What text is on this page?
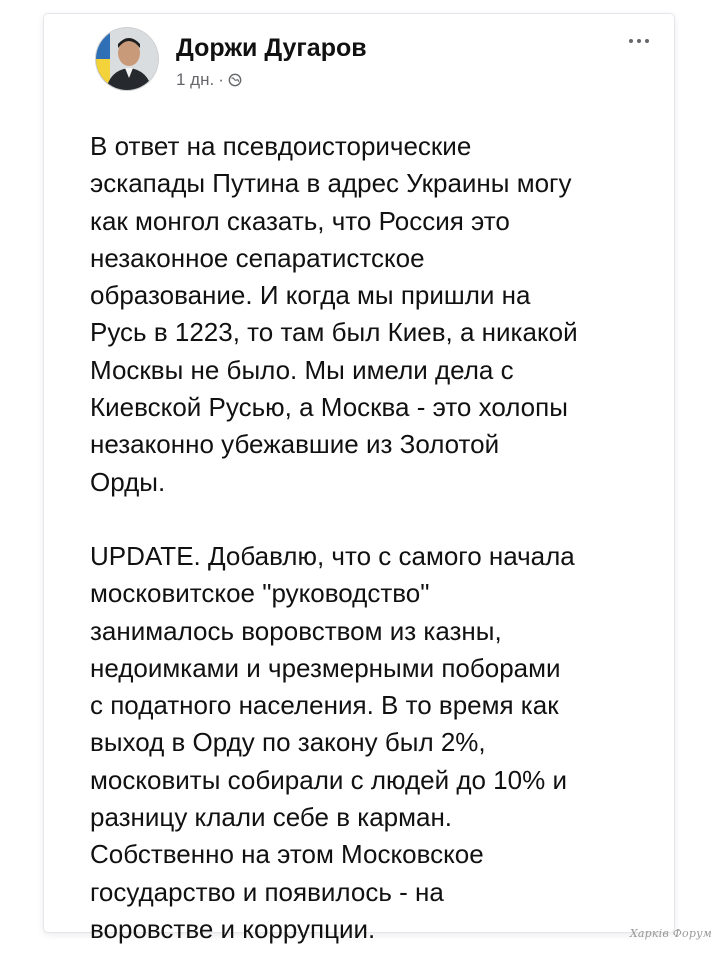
Доржи Дугаров
1 дн. ·

В ответ на псевдоисторические
эскапады Путина в адрес Украины могу
как монгол сказать, что Россия это
незаконное сепаратистское
образование. И когда мы пришли на
Русь в 1223, то там был Киев, а никакой
Москвы не было. Мы имели дела с
Киевской Русью, а Москва - это холопы
незаконно убежавшие из Золотой
Орды.

UPDATE. Добавлю, что с самого начала
московитское "руководство"
занималось воровством из казны,
недоимками и чрезмерными поборами
с податного населения. В то время как
выход в Орду по закону был 2%,
московиты собирали с людей до 10% и
разницу клали себе в карман.
Собственно на этом Московское
государство и появилось - на
воровстве и коррупции.	Харків Форум
